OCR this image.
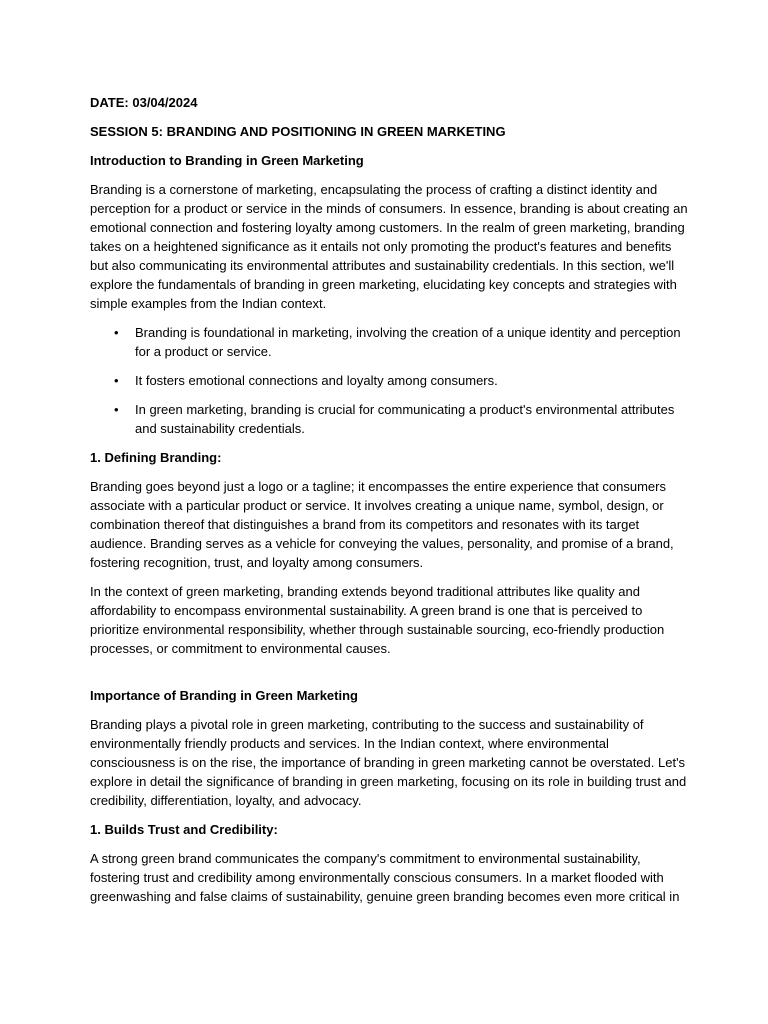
DATE: 03/04/2024

SESSION 5: BRANDING AND POSITIONING IN GREEN MARKETING

Introduction to Branding in Green Marketing

Branding is a cornerstone of marketing, encapsulating the process of crafting a distinct identity and perception for a product or service in the minds of consumers. In essence, branding is about creating an emotional connection and fostering loyalty among customers. In the realm of green marketing, branding takes on a heightened significance as it entails not only promoting the product's features and benefits but also communicating its environmental attributes and sustainability credentials. In this section, we'll explore the fundamentals of branding in green marketing, elucidating key concepts and strategies with simple examples from the Indian context.

• Branding is foundational in marketing, involving the creation of a unique identity and perception for a product or service.
• It fosters emotional connections and loyalty among consumers.
• In green marketing, branding is crucial for communicating a product's environmental attributes and sustainability credentials.

1. Defining Branding:

Branding goes beyond just a logo or a tagline; it encompasses the entire experience that consumers associate with a particular product or service. It involves creating a unique name, symbol, design, or combination thereof that distinguishes a brand from its competitors and resonates with its target audience. Branding serves as a vehicle for conveying the values, personality, and promise of a brand, fostering recognition, trust, and loyalty among consumers.

In the context of green marketing, branding extends beyond traditional attributes like quality and affordability to encompass environmental sustainability. A green brand is one that is perceived to prioritize environmental responsibility, whether through sustainable sourcing, eco-friendly production processes, or commitment to environmental causes.

Importance of Branding in Green Marketing

Branding plays a pivotal role in green marketing, contributing to the success and sustainability of environmentally friendly products and services. In the Indian context, where environmental consciousness is on the rise, the importance of branding in green marketing cannot be overstated. Let's explore in detail the significance of branding in green marketing, focusing on its role in building trust and credibility, differentiation, loyalty, and advocacy.

1. Builds Trust and Credibility:

A strong green brand communicates the company's commitment to environmental sustainability, fostering trust and credibility among environmentally conscious consumers. In a market flooded with greenwashing and false claims of sustainability, genuine green branding becomes even more critical in
